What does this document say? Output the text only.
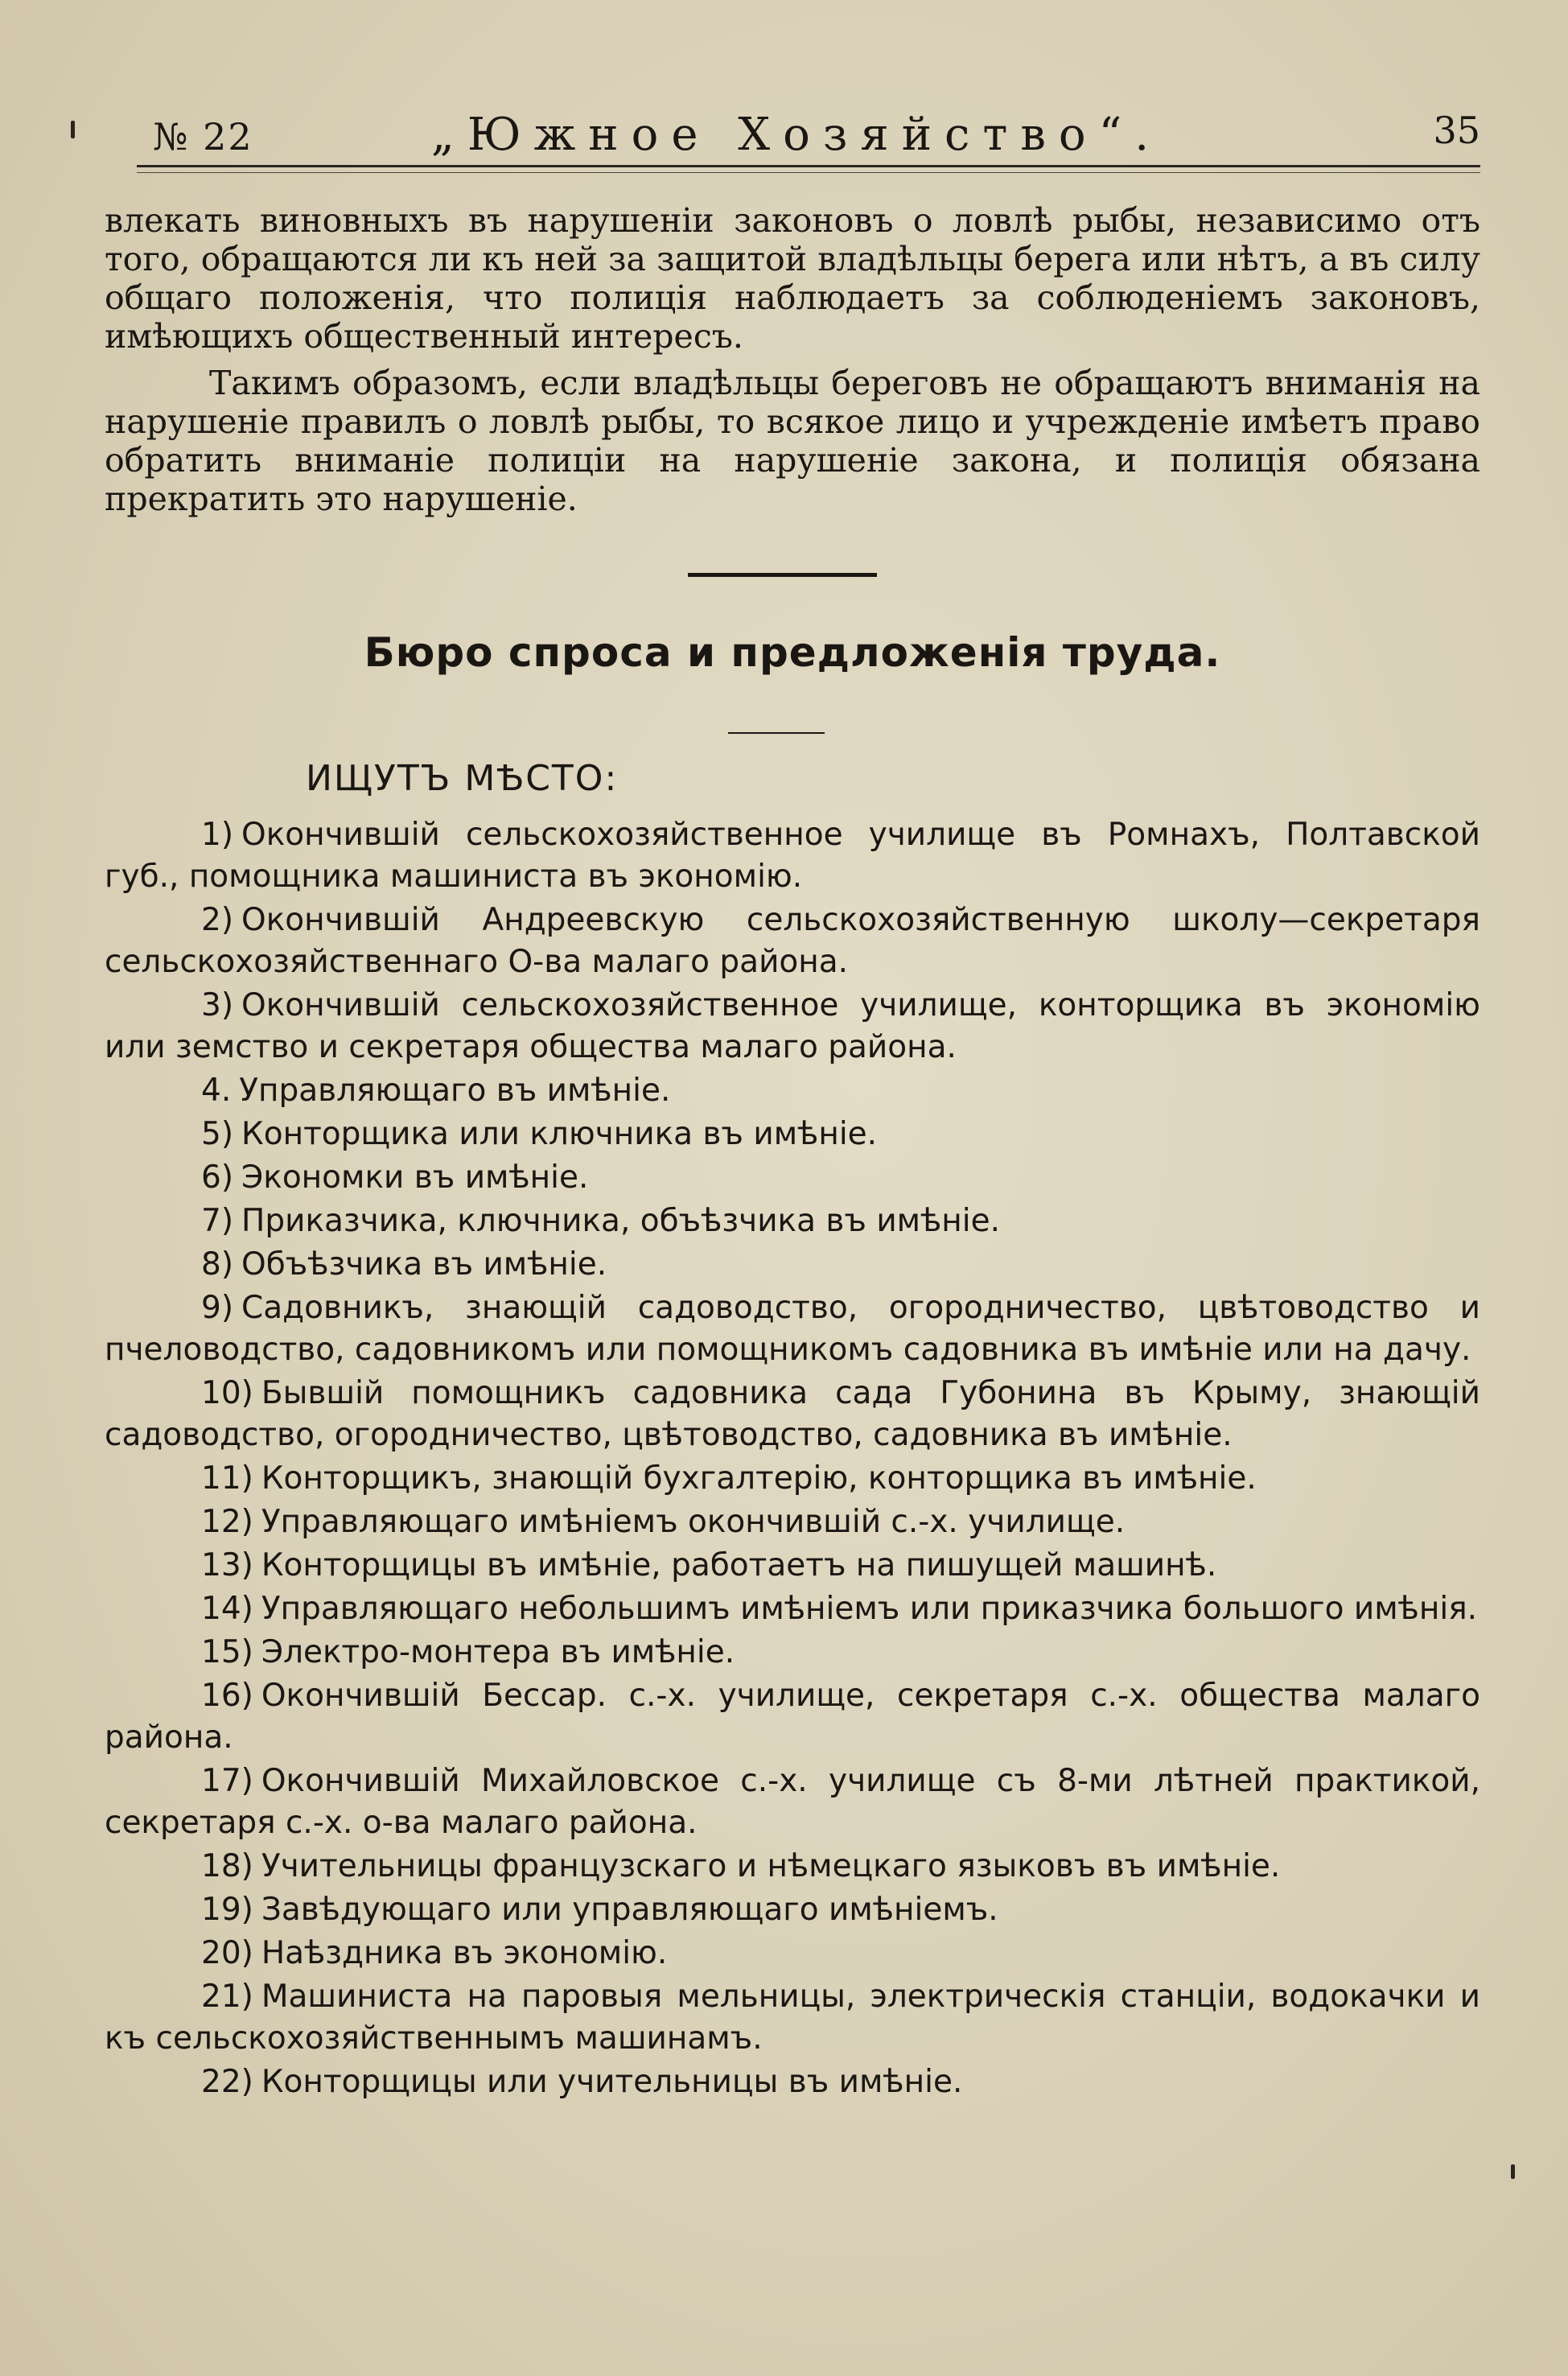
№ 22	„Южное Хозяйство“.	35
влекать виновныхъ въ нарушенiи законовъ о ловлѣ рыбы, независимо отъ того, обращаются ли къ ней за защитой владѣльцы берега или нѣтъ, а въ силу общаго положенiя, что полицiя наблюдаетъ за соблюденiемъ законовъ, имѣющихъ общественный интересъ.
Такимъ образомъ, если владѣльцы береговъ не обращаютъ вниманiя на нарушенiе правилъ о ловлѣ рыбы, то всякое лицо и учрежденiе имѣетъ право обратить вниманiе полицiи на нарушенiе закона, и полицiя обязана прекратить это нарушенiе.
Бюро спроса и предложенiя труда.
ИЩУТЪ МѢСТО:
1) Окончившiй сельскохозяйственное училище въ Ромнахъ, Полтавской губ., помощника машиниста въ экономiю.
2) Окончившiй Андреевскую сельскохозяйственную школу—секретаря сельскохозяйственнаго О-ва малаго района.
3) Окончившiй сельскохозяйственное училище, конторщика въ экономiю или земство и секретаря общества малаго района.
4. Управляющаго въ имѣнiе.
5) Конторщика или ключника въ имѣнiе.
6) Экономки въ имѣнiе.
7) Приказчика, ключника, объѣзчика въ имѣнiе.
8) Объѣзчика въ имѣнiе.
9) Садовникъ, знающiй садоводство, огородничество, цвѣтоводство и пчеловодство, садовникомъ или помощникомъ садовника въ имѣнiе или на дачу.
10) Бывшiй помощникъ садовника сада Губонина въ Крыму, знающiй садоводство, огородничество, цвѣтоводство, садовника въ имѣнiе.
11) Конторщикъ, знающiй бухгалтерiю, конторщика въ имѣнiе.
12) Управляющаго имѣнiемъ окончившiй с.-х. училище.
13) Конторщицы въ имѣнiе, работаетъ на пишущей машинѣ.
14) Управляющаго небольшимъ имѣнiемъ или приказчика большого имѣнiя.
15) Электро-монтера въ имѣнiе.
16) Окончившiй Бессар. с.-х. училище, секретаря с.-х. общества малаго района.
17) Окончившiй Михайловское с.-х. училище съ 8-ми лѣтней практикой, секретаря с.-х. о-ва малаго района.
18) Учительницы французскаго и нѣмецкаго языковъ въ имѣнiе.
19) Завѣдующаго или управляющаго имѣнiемъ.
20) Наѣздника въ экономiю.
21) Машиниста на паровыя мельницы, электрическiя станцiи, водокачки и къ сельскохозяйственнымъ машинамъ.
22) Конторщицы или учительницы въ имѣнiе.
